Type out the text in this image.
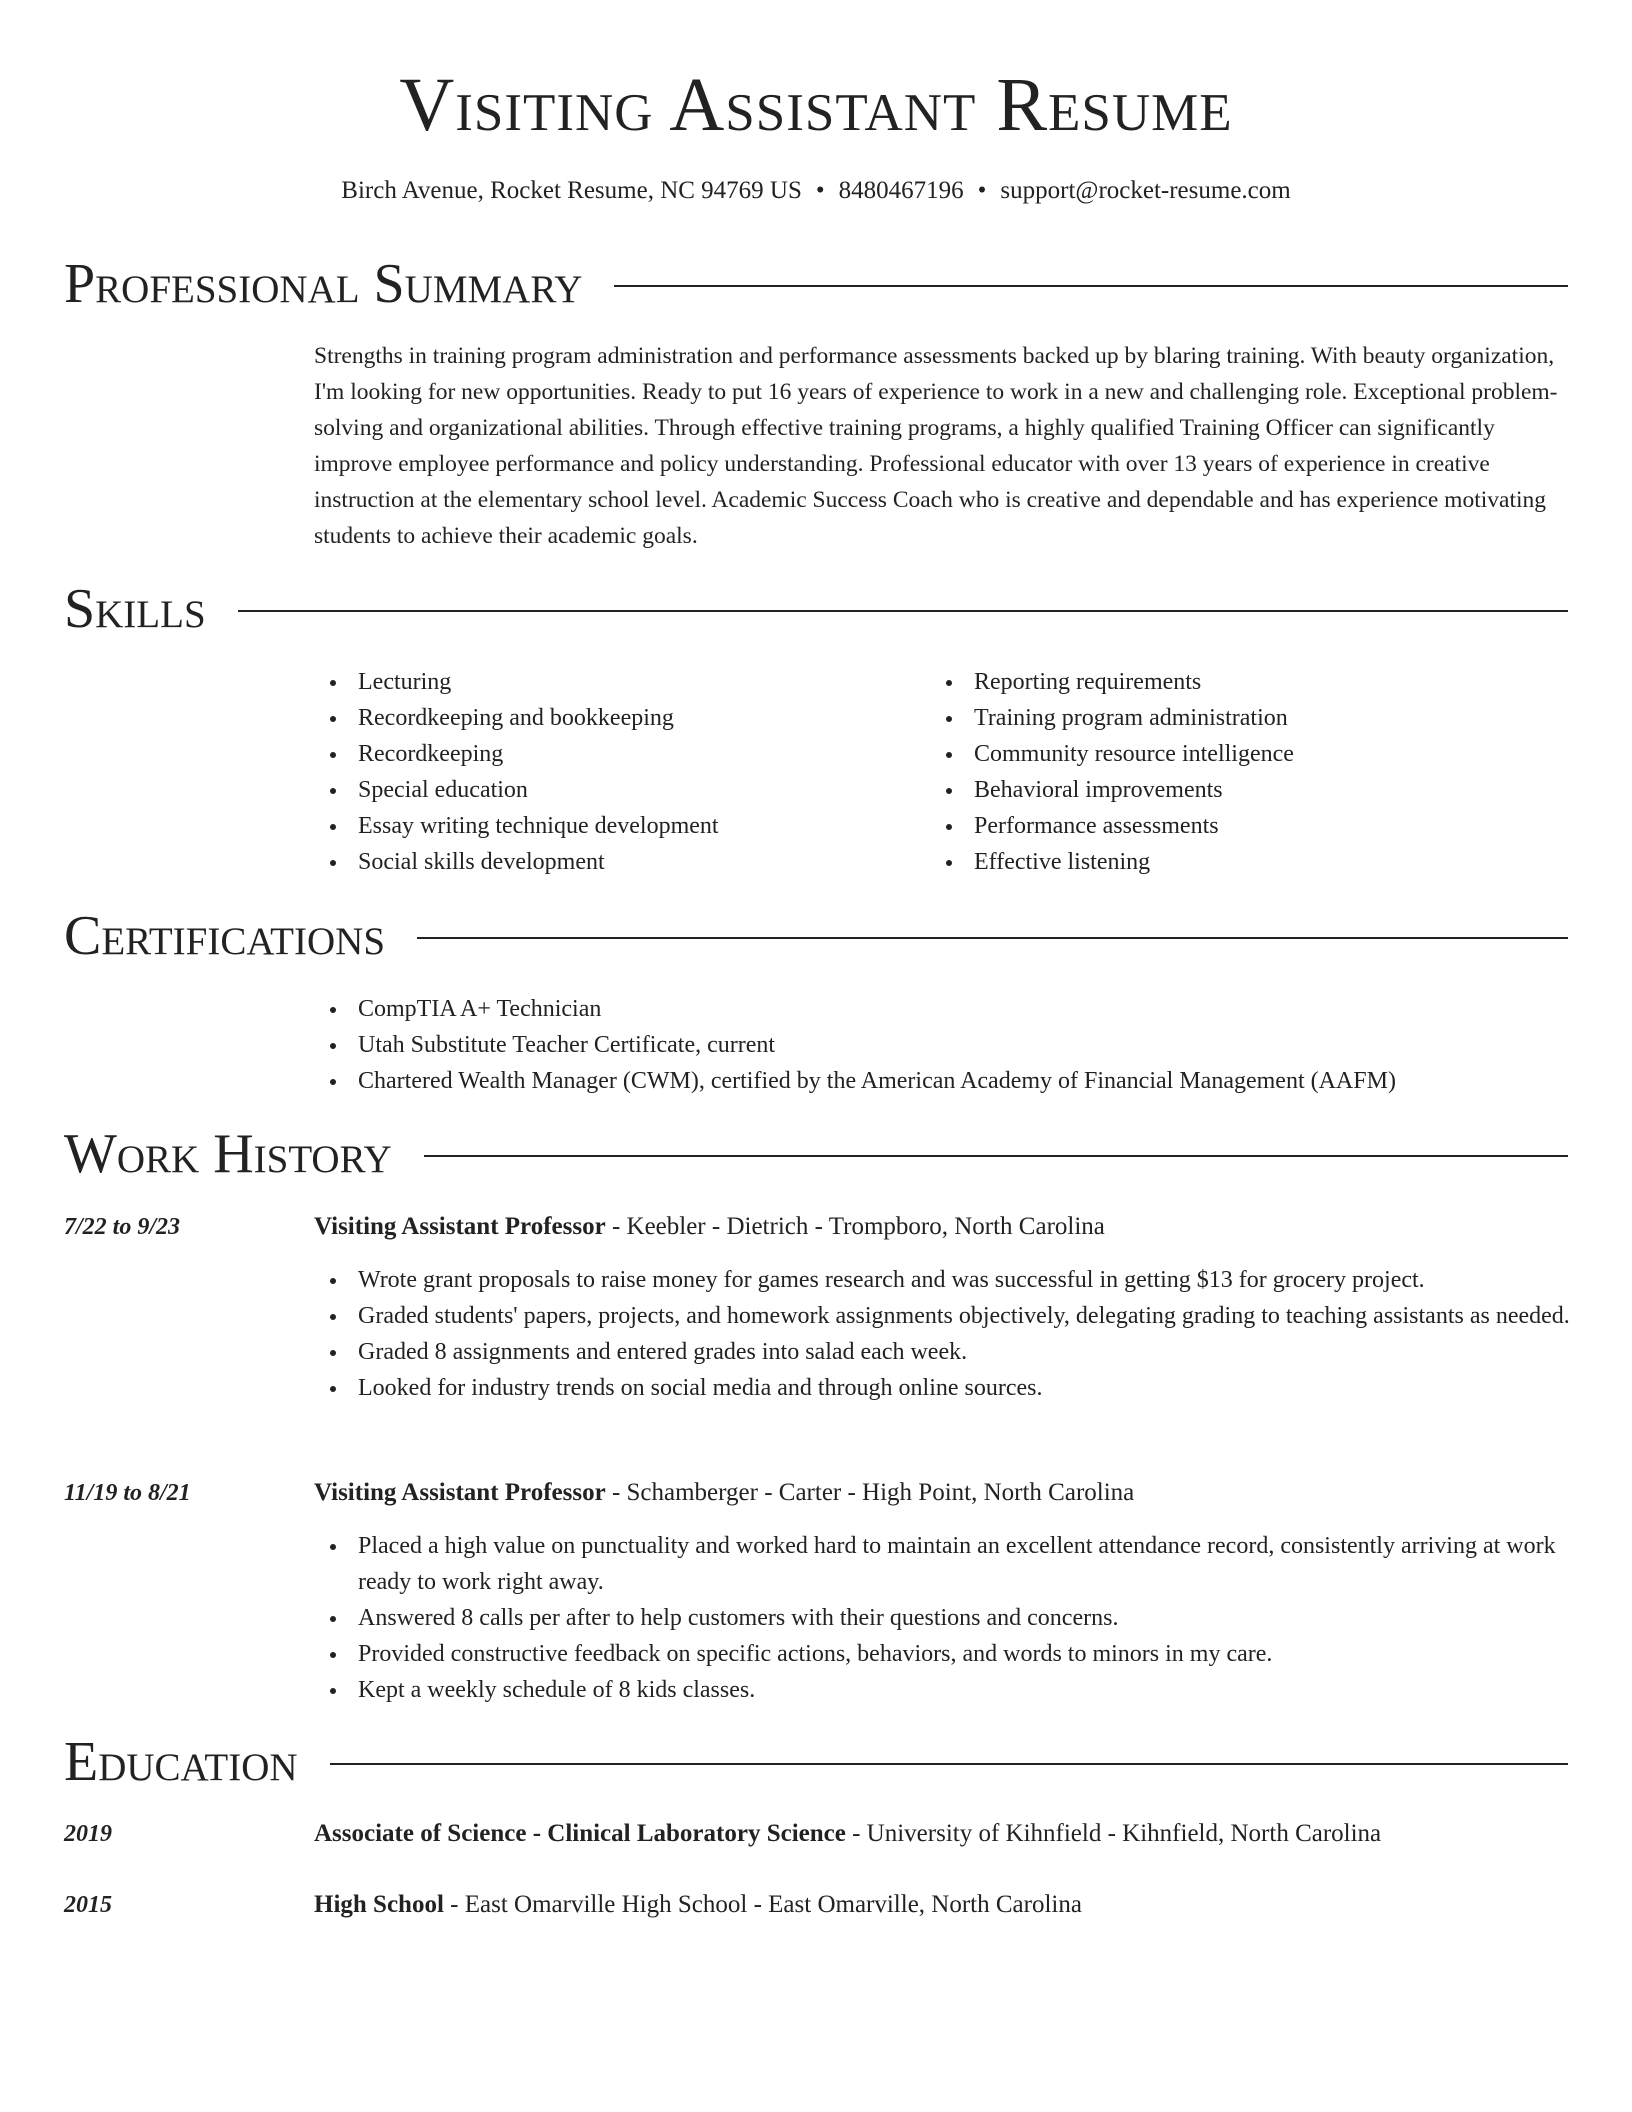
Visiting Assistant Resume
Birch Avenue, Rocket Resume, NC 94769 US • 8480467196 • support@rocket-resume.com
Professional Summary

Strengths in training program administration and performance assessments backed up by blaring training. With beauty organization, I'm looking for new opportunities. Ready to put 16 years of experience to work in a new and challenging role. Exceptional problem-solving and organizational abilities. Through effective training programs, a highly qualified Training Officer can significantly improve employee performance and policy understanding. Professional educator with over 13 years of experience in creative instruction at the elementary school level. Academic Success Coach who is creative and dependable and has experience motivating students to achieve their academic goals.

Skills
Lecturing
Recordkeeping and bookkeeping
Recordkeeping
Special education
Essay writing technique development
Social skills development
Reporting requirements
Training program administration
Community resource intelligence
Behavioral improvements
Performance assessments
Effective listening
Certifications
CompTIA A+ Technician
Utah Substitute Teacher Certificate, current
Chartered Wealth Manager (CWM), certified by the American Academy of Financial Management (AAFM)
Work History
7/22 to 9/23	Visiting Assistant Professor - Keebler - Dietrich - Trompboro, North Carolina
Wrote grant proposals to raise money for games research and was successful in getting $13 for grocery project.
Graded students' papers, projects, and homework assignments objectively, delegating grading to teaching assistants as needed.
Graded 8 assignments and entered grades into salad each week.
Looked for industry trends on social media and through online sources.
11/19 to 8/21	Visiting Assistant Professor - Schamberger - Carter - High Point, North Carolina
Placed a high value on punctuality and worked hard to maintain an excellent attendance record, consistently arriving at work ready to work right away.
Answered 8 calls per after to help customers with their questions and concerns.
Provided constructive feedback on specific actions, behaviors, and words to minors in my care.
Kept a weekly schedule of 8 kids classes.
Education
2019	Associate of Science - Clinical Laboratory Science - University of Kihnfield - Kihnfield, North Carolina
2015	High School - East Omarville High School - East Omarville, North Carolina
